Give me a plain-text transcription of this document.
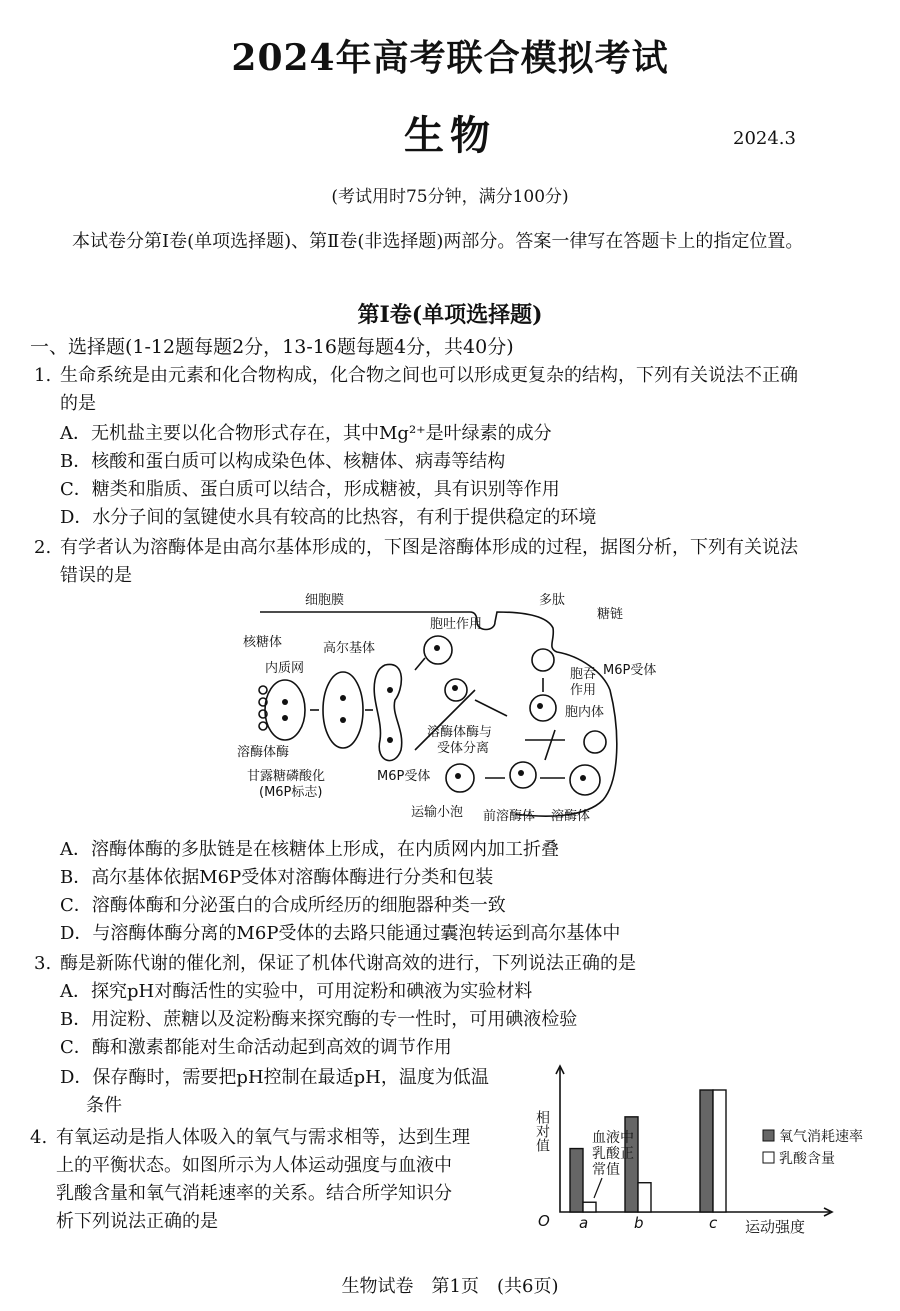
2024年高考联合模拟考试
生物	2024.3
(考试用时75分钟，满分100分)
本试卷分第Ⅰ卷(单项选择题)、第Ⅱ卷(非选择题)两部分。答案一律写在答题卡上的指定位置。
第Ⅰ卷(单项选择题)
一、选择题(1-12题每题2分，13-16题每题4分，共40分)
1. 生命系统是由元素和化合物构成，化合物之间也可以形成更复杂的结构，下列有关说法不正确
的是
A．无机盐主要以化合物形式存在，其中Mg²⁺是叶绿素的成分
B．核酸和蛋白质可以构成染色体、核糖体、病毒等结构
C．糖类和脂质、蛋白质可以结合，形成糖被，具有识别等作用
D．水分子间的氢键使水具有较高的比热容，有利于提供稳定的环境
2. 有学者认为溶酶体是由高尔基体形成的，下图是溶酶体形成的过程，据图分析，下列有关说法
错误的是
细胞膜	多肽
糖链
胞吐作用
核糖体
内质网
高尔基体
M6P受体
胞吞
作用
胞内体
溶酶体酶与
受体分离
溶酶体酶
甘露糖磷酸化
(M6P标志)
M6P受体
运输小泡 前溶酶体 溶酶体
A．溶酶体酶的多肽链是在核糖体上形成，在内质网内加工折叠
B．高尔基体依据M6P受体对溶酶体酶进行分类和包装
C．溶酶体酶和分泌蛋白的合成所经历的细胞器种类一致
D．与溶酶体酶分离的M6P受体的去路只能通过囊泡转运到高尔基体中
3. 酶是新陈代谢的催化剂，保证了机体代谢高效的进行，下列说法正确的是
A．探究pH对酶活性的实验中，可用淀粉和碘液为实验材料
B．用淀粉、蔗糖以及淀粉酶来探究酶的专一性时，可用碘液检验
C．酶和激素都能对生命活动起到高效的调节作用
D．保存酶时，需要把pH控制在最适pH，温度为低温
条件
4. 有氧运动是指人体吸入的氧气与需求相等，达到生理
上的平衡状态。如图所示为人体运动强度与血液中
乳酸含量和氧气消耗速率的关系。结合所学知识分
析下列说法正确的是	a	b	c
相对值
运动强度
O
血液中
乳酸正
常值
氧气消耗速率
乳酸含量
生物试卷　第1页　(共6页)
